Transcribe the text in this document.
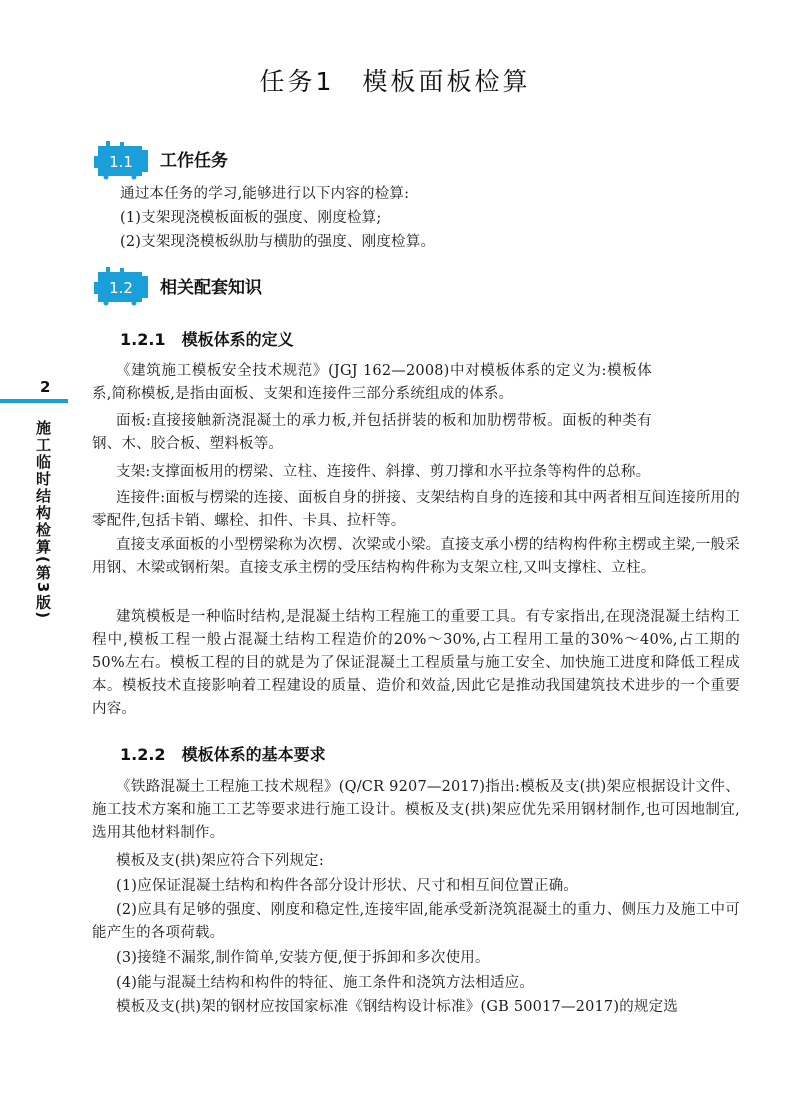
任务1　模板面板检算
1.1 工作任务

通过本任务的学习,能够进行以下内容的检算:

(1)支架现浇模板面板的强度、刚度检算;

(2)支架现浇模板纵肋与横肋的强度、刚度检算。

1.2 相关配套知识
1.2.1 模板体系的定义

《建筑施工模板安全技术规范》(JGJ 162—2008)中对模板体系的定义为:模板体系,简称模板,是指由面板、支架和连接件三部分系统组成的体系。

面板:直接接触新浇混凝土的承力板,并包括拼装的板和加肋楞带板。面板的种类有钢、木、胶合板、塑料板等。

支架:支撑面板用的楞梁、立柱、连接件、斜撑、剪刀撑和水平拉条等构件的总称。

连接件:面板与楞梁的连接、面板自身的拼接、支架结构自身的连接和其中两者相互间连接所用的零配件,包括卡销、螺栓、扣件、卡具、拉杆等。

直接支承面板的小型楞梁称为次楞、次梁或小梁。直接支承小楞的结构构件称主楞或主梁,一般采用钢、木梁或钢桁架。直接支承主楞的受压结构构件称为支架立柱,又叫支撑柱、立柱。

建筑模板是一种临时结构,是混凝土结构工程施工的重要工具。有专家指出,在现浇混凝土结构工程中,模板工程一般占混凝土结构工程造价的20%～30%,占工程用工量的30%～40%,占工期的50%左右。模板工程的目的就是为了保证混凝土工程质量与施工安全、加快施工进度和降低工程成本。模板技术直接影响着工程建设的质量、造价和效益,因此它是推动我国建筑技术进步的一个重要内容。

1.2.2 模板体系的基本要求

《铁路混凝土工程施工技术规程》(Q/CR 9207—2017)指出:模板及支(拱)架应根据设计文件、施工技术方案和施工工艺等要求进行施工设计。模板及支(拱)架应优先采用钢材制作,也可因地制宜,选用其他材料制作。

模板及支(拱)架应符合下列规定:

(1)应保证混凝土结构和构件各部分设计形状、尺寸和相互间位置正确。

(2)应具有足够的强度、刚度和稳定性,连接牢固,能承受新浇筑混凝土的重力、侧压力及施工中可能产生的各项荷载。

(3)接缝不漏浆,制作简单,安装方便,便于拆卸和多次使用。

(4)能与混凝土结构和构件的特征、施工条件和浇筑方法相适应。

模板及支(拱)架的钢材应按国家标准《钢结构设计标准》(GB 50017—2017)的规定选

2
施工临时结构检算(第3版)
